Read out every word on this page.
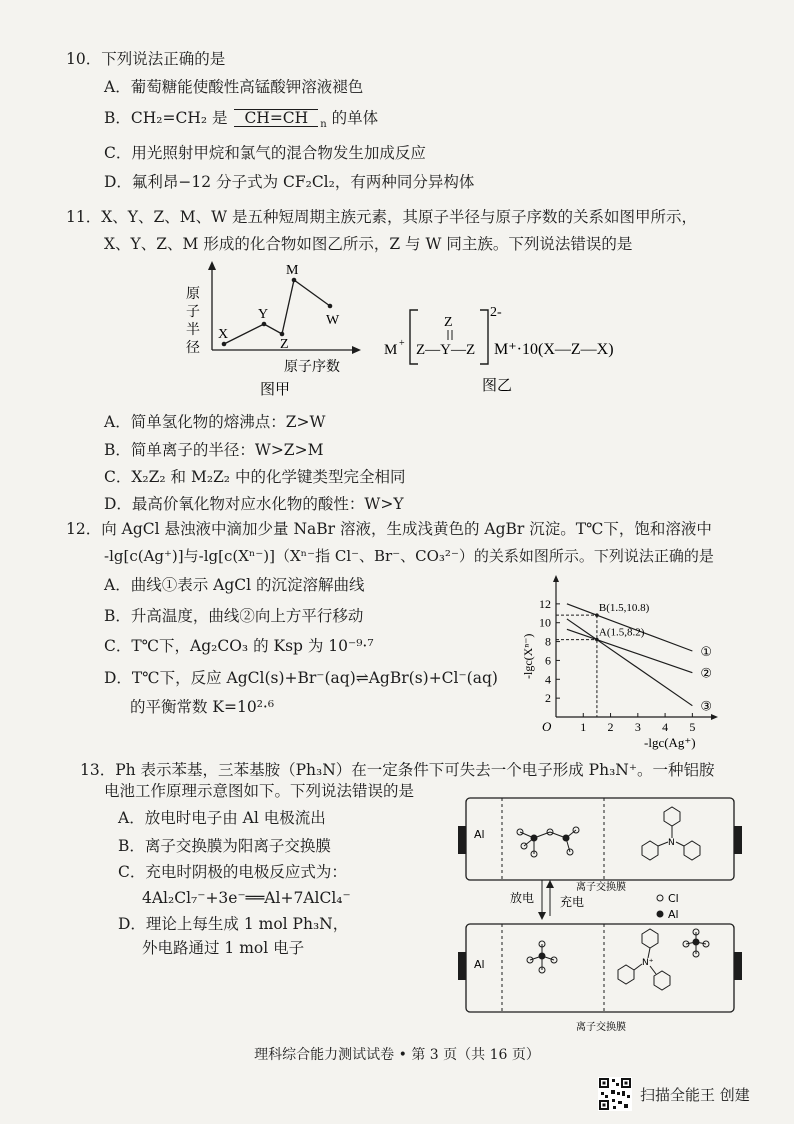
10．下列说法正确的是
A．葡萄糖能使酸性高锰酸钾溶液褪色
B．CH₂=CH₂ 是 CH=CH $_n$ 的单体
C．用光照射甲烷和氯气的混合物发生加成反应
D．氟利昂−12 分子式为 CF₂Cl₂，有两种同分异构体
11．X、Y、Z、M、W 是五种短周期主族元素，其原子半径与原子序数的关系如图甲所示，
X、Y、Z、M 形成的化合物如图乙所示，Z 与 W 同主族。下列说法错误的是
X
Y
Z
M
W
原
子
半
径
原子序数
图甲
M +
Z
Z—Y—Z
2-
M⁺·10(X—Z—X)
图乙
A．简单氢化物的熔沸点：Z>W
B．简单离子的半径：W>Z>M
C．X₂Z₂ 和 M₂Z₂ 中的化学键类型完全相同
D．最高价氧化物对应水化物的酸性：W>Y
12．向 AgCl 悬浊液中滴加少量 NaBr 溶液，生成浅黄色的 AgBr 沉淀。T℃下，饱和溶液中
-lg[c(Ag⁺)]与-lg[c(Xⁿ⁻)]（Xⁿ⁻指 Cl⁻、Br⁻、CO₃²⁻）的关系如图所示。下列说法正确的是
A．曲线①表示 AgCl 的沉淀溶解曲线
B．升高温度，曲线②向上方平行移动
C．T℃下，Ag₂CO₃ 的 Ksp 为 10⁻⁹·⁷
D．T℃下，反应 AgCl(s)+Br⁻(aq)⇌AgBr(s)+Cl⁻(aq)
的平衡常数 K=10²·⁶	2
4
6
8
10
12
1 2 3 4 5
①
②
③
A(1.5,8.2)
B(1.5,10.8)
-lgc(Xⁿ⁻)
-lgc(Ag⁺)
O
13．Ph 表示苯基，三苯基胺（Ph₃N）在一定条件下可失去一个电子形成 Ph₃N⁺。一种铝胺
电池工作原理示意图如下。下列说法错误的是
A．放电时电子由 Al 电极流出
B．离子交换膜为阳离子交换膜
C．充电时阴极的电极反应式为：
4Al₂Cl₇⁻+3e⁻══Al+7AlCl₄⁻
D．理论上每生成 1 mol Ph₃N，
外电路通过 1 mol 电子
Al
N
放电 充电
离子交换膜
Cl
Al
Al	N⁺
离子交换膜
理科综合能力测试试卷 • 第 3 页（共 16 页）
扫描全能王 创建
